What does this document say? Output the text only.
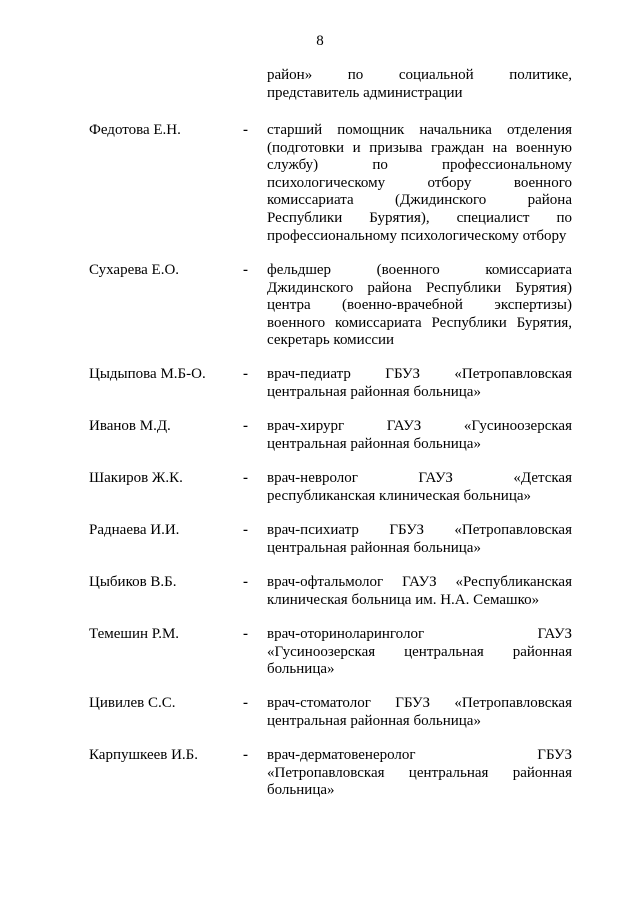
8
район» по социальной политике,
представитель администрации
Федотова Е.Н.	- старший помощник начальника отделения
(подготовки и призыва граждан на военную
службу) по профессиональному
психологическому отбору военного
комиссариата (Джидинского района
Республики Бурятия), специалист по
профессиональному психологическому отбору
Сухарева Е.О.	- фельдшер (военного комиссариата
Джидинского района Республики Бурятия)
центра (военно-врачебной экспертизы)
военного комиссариата Республики Бурятия,
секретарь комиссии
Цыдыпова М.Б-О. - врач-педиатр ГБУЗ «Петропавловская
центральная районная больница»
Иванов М.Д.	- врач-хирург ГАУЗ «Гусиноозерская
центральная районная больница»
Шакиров Ж.К.	- врач-невролог ГАУЗ «Детская
республиканская клиническая больница»
Раднаева И.И.	- врач-психиатр ГБУЗ «Петропавловская
центральная районная больница»
Цыбиков В.Б.	- врач-офтальмолог ГАУЗ «Республиканская
клиническая больница им. Н.А. Семашко»
Темешин Р.М.	- врач-оториноларинголог ГАУЗ
«Гусиноозерская центральная районная
больница»
Цивилев С.С.	- врач-стоматолог ГБУЗ «Петропавловская
центральная районная больница»
Карпушкеев И.Б.	- врач-дерматовенеролог ГБУЗ
«Петропавловская центральная районная
больница»
